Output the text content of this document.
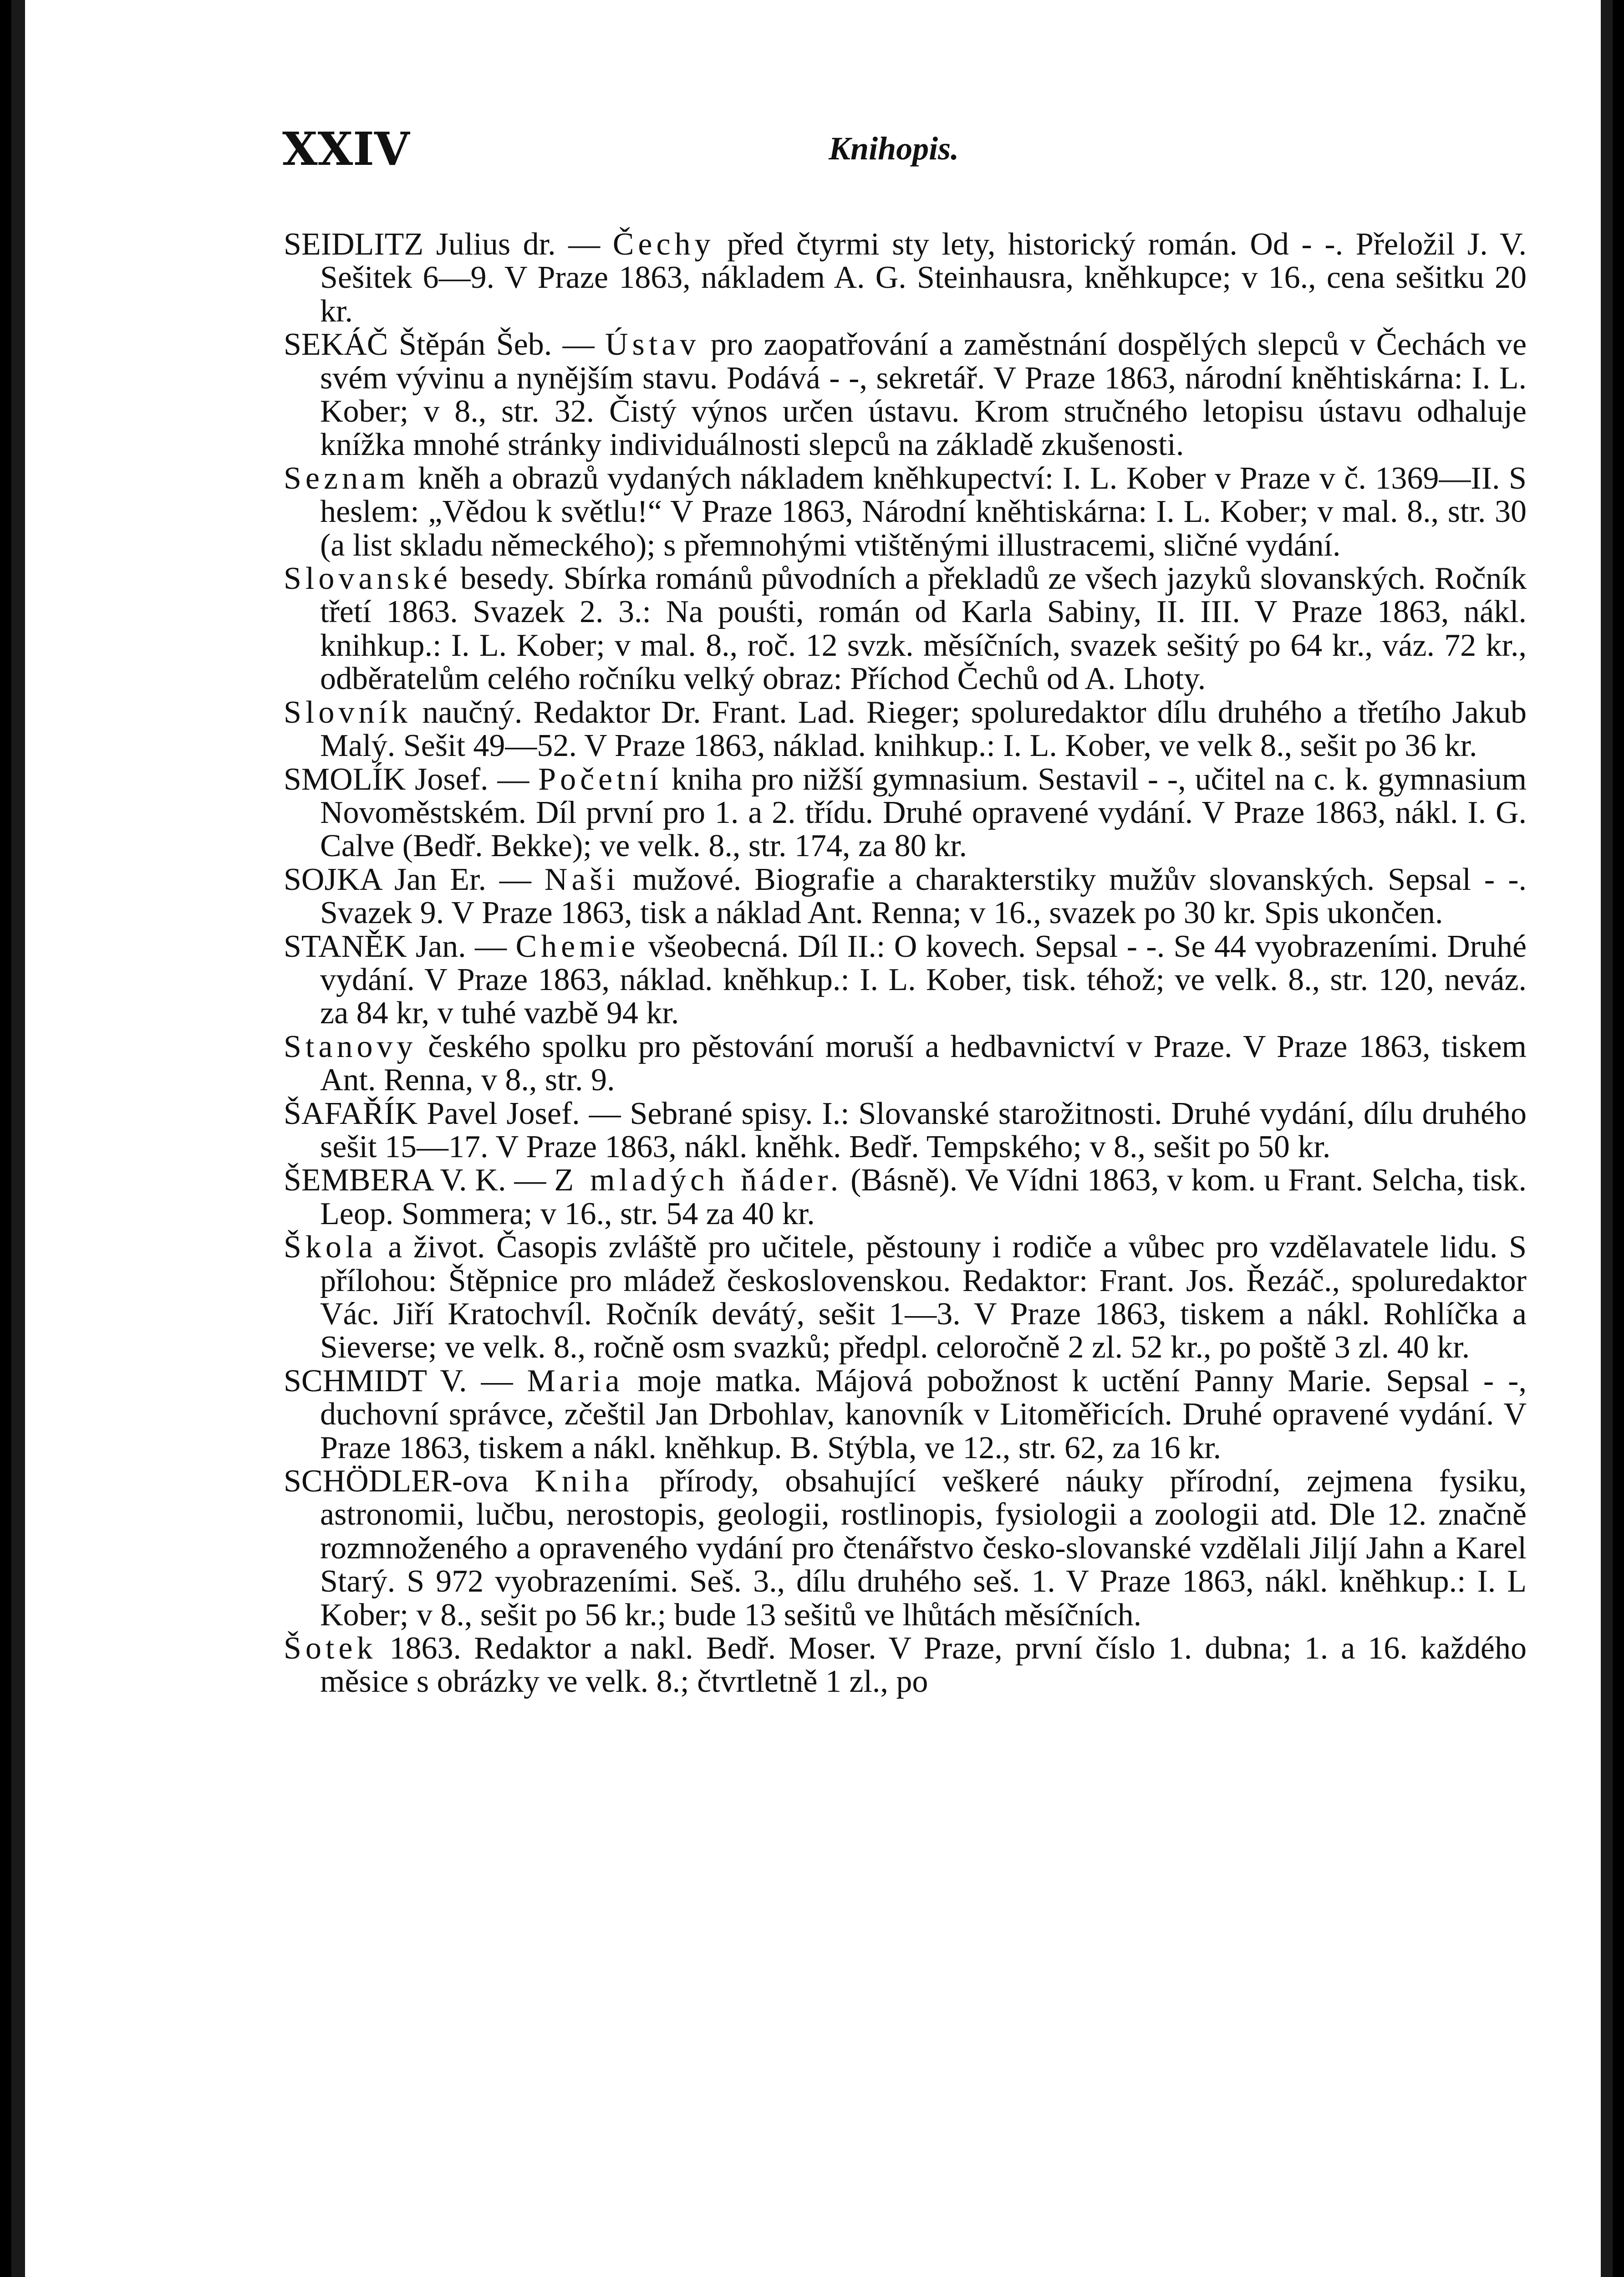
XXIV	Knihopis.

SEIDLITZ Julius dr. — Čechy před čtyrmi sty lety, historický román. Od - -. Přeložil J. V. Sešitek 6—9. V Praze 1863, nákladem A. G. Steinhausra, kněhkupce; v 16., cena sešitku 20 kr.

SEKÁČ Štěpán Šeb. — Ústav pro zaopatřování a zaměstnání dospělých slepců v Čechách ve svém vývinu a nynějším stavu. Podává - -, sekretář. V Praze 1863, národní kněhtiskárna: I. L. Kober; v 8., str. 32. Čistý výnos určen ústavu. Krom stručného letopisu ústavu odhaluje knížka mnohé stránky individuálnosti slepců na základě zkušenosti.

Seznam kněh a obrazů vydaných nákladem kněhkupectví: I. L. Kober v Praze v č. 1369—II. S heslem: „Vědou k světlu!“ V Praze 1863, Národní kněhtiskárna: I. L. Kober; v mal. 8., str. 30 (a list skladu německého); s přemnohými vtištěnými illustracemi, sličné vydání.

Slovanské besedy. Sbírka románů původních a překladů ze všech jazyků slovanských. Ročník třetí 1863. Svazek 2. 3.: Na pouśti, román od Karla Sabiny, II. III. V Praze 1863, nákl. knihkup.: I. L. Kober; v mal. 8., roč. 12 svzk. měsíčních, svazek sešitý po 64 kr., váz. 72 kr., odběratelům celého ročníku velký obraz: Příchod Čechů od A. Lhoty.

Slovník naučný. Redaktor Dr. Frant. Lad. Rieger; spoluredaktor dílu druhého a třetího Jakub Malý. Sešit 49—52. V Praze 1863, náklad. knihkup.: I. L. Kober, ve velk 8., sešit po 36 kr.

SMOLÍK Josef. — Početní kniha pro nižší gymnasium. Sestavil - -, učitel na c. k. gymnasium Novoměstském. Díl první pro 1. a 2. třídu. Druhé opravené vydání. V Praze 1863, nákl. I. G. Calve (Bedř. Bekke); ve velk. 8., str. 174, za 80 kr.

SOJKA Jan Er. — Naši mužové. Biografie a charakterstiky mužův slovanských. Sepsal - -. Svazek 9. V Praze 1863, tisk a náklad Ant. Renna; v 16., svazek po 30 kr. Spis ukončen.

STANĚK Jan. — Chemie všeobecná. Díl II.: O kovech. Sepsal - -. Se 44 vyobrazeními. Druhé vydání. V Praze 1863, náklad. kněhkup.: I. L. Kober, tisk. téhož; ve velk. 8., str. 120, neváz. za 84 kr, v tuhé vazbě 94 kr.

Stanovy českého spolku pro pěstování moruší a hedbavnictví v Praze. V Praze 1863, tiskem Ant. Renna, v 8., str. 9.

ŠAFAŘÍK Pavel Josef. — Sebrané spisy. I.: Slovanské starožitnosti. Druhé vydání, dílu druhého sešit 15—17. V Praze 1863, nákl. kněhk. Bedř. Tempského; v 8., sešit po 50 kr.

ŠEMBERA V. K. — Z mladých ňáder. (Básně). Ve Vídni 1863, v kom. u Frant. Selcha, tisk. Leop. Sommera; v 16., str. 54 za 40 kr.

Škola a život. Časopis zvláště pro učitele, pěstouny i rodiče a vůbec pro vzdělavatele lidu. S přílohou: Štěpnice pro mládež československou. Redaktor: Frant. Jos. Řezáč., spoluredaktor Vác. Jiří Kratochvíl. Ročník devátý, sešit 1—3. V Praze 1863, tiskem a nákl. Rohlíčka a Sieverse; ve velk. 8., ročně osm svazků; předpl. celoročně 2 zl. 52 kr., po poště 3 zl. 40 kr.

SCHMIDT V. — Maria moje matka. Májová pobožnost k uctění Panny Marie. Sepsal - -, duchovní správce, zčeštil Jan Drbohlav, kanovník v Litoměřicích. Druhé opravené vydání. V Praze 1863, tiskem a nákl. kněhkup. B. Stýbla, ve 12., str. 62, za 16 kr.

SCHÖDLER-ova Kniha přírody, obsahující veškeré náuky přírodní, zejmena fysiku, astronomii, lučbu, nerostopis, geologii, rostlinopis, fysiologii a zoologii atd. Dle 12. značně rozmnoženého a opraveného vydání pro čtenářstvo česko-slovanské vzdělali Jiljí Jahn a Karel Starý. S 972 vyobrazeními. Seš. 3., dílu druhého seš. 1. V Praze 1863, nákl. kněhkup.: I. L Kober; v 8., sešit po 56 kr.; bude 13 sešitů ve lhůtách měsíčních.

Šotek 1863. Redaktor a nakl. Bedř. Moser. V Praze, první číslo 1. dubna; 1. a 16. každého měsice s obrázky ve velk. 8.; čtvrtletně 1 zl., po
